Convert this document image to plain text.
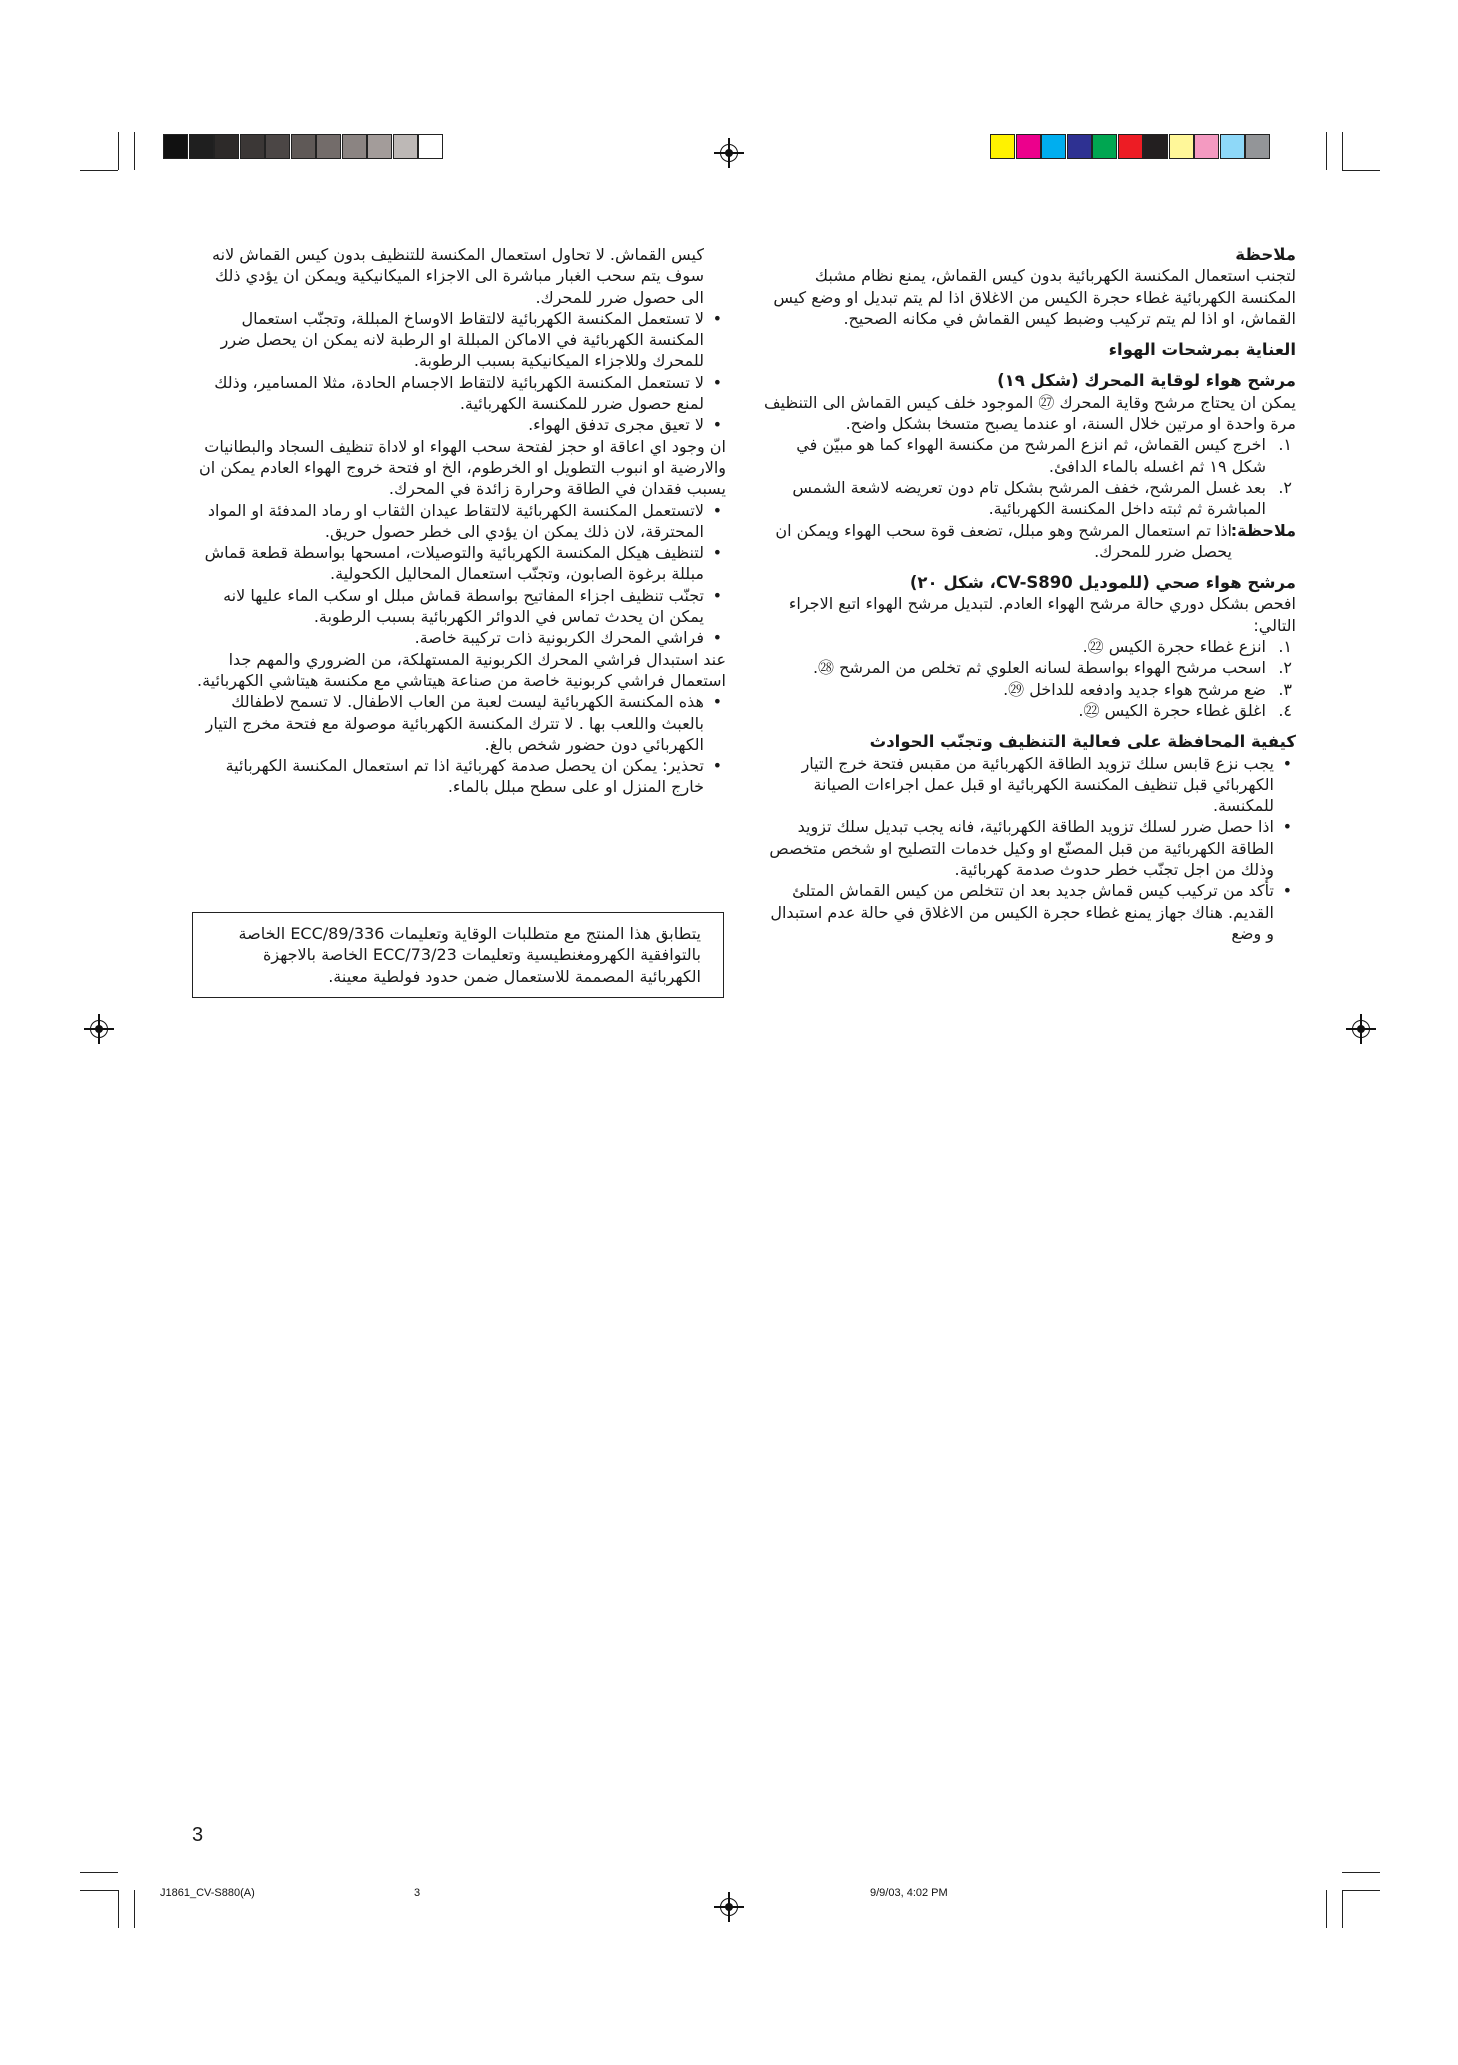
ملاحظة

لتجنب استعمال المكنسة الكهربائية بدون كيس القماش، يمنع نظام مشبك المكنسة الكهربائية غطاء حجرة الكيس من الاغلاق اذا لم يتم تبديل او وضع كيس القماش، او اذا لم يتم تركيب وضبط كيس القماش في مكانه الصحيح.

العناية بمرشحات الهواء

مرشح هواء لوقاية المحرك (شكل ١٩)

يمكن ان يحتاج مرشح وقاية المحرك ㉗ الموجود خلف كيس القماش الى التنظيف مرة واحدة او مرتين خلال السنة، او عندما يصبح متسخا بشكل واضح.

١.
اخرج كيس القماش، ثم انزع المرشح من مكنسة الهواء كما هو مبيّن في شكل ١٩ ثم اغسله بالماء الدافئ.

٢.
بعد غسل المرشح، خفف المرشح بشكل تام دون تعريضه لاشعة الشمس المباشرة ثم ثبته داخل المكنسة الكهربائية.

ملاحظة:
اذا تم استعمال المرشح وهو مبلل، تضعف قوة سحب الهواء ويمكن ان يحصل ضرر للمحرك.

مرشح هواء صحي (للموديل CV-S890، شكل ٢٠)

افحص بشكل دوري حالة مرشح الهواء العادم. لتبديل مرشح الهواء اتبع الاجراء التالي:

١.
انزع غطاء حجرة الكيس ㉒.

٢.
اسحب مرشح الهواء بواسطة لسانه العلوي ثم تخلص من المرشح ㉘.

٣.
ضع مرشح هواء جديد وادفعه للداخل ㉙.

٤.
اغلق غطاء حجرة الكيس ㉒.

كيفية المحافظة على فعالية التنظيف وتجنّب الحوادث

• يجب نزع قابس سلك تزويد الطاقة الكهربائية من مقبس فتحة خرج التيار الكهربائي قبل تنظيف المكنسة الكهربائية او قبل عمل اجراءات الصيانة للمكنسة.

• اذا حصل ضرر لسلك تزويد الطاقة الكهربائية، فانه يجب تبديل سلك تزويد الطاقة الكهربائية من قبل المصنّع او وكيل خدمات التصليح او شخص متخصص وذلك من اجل تجنّب خطر حدوث صدمة كهربائية.

• تأكد من تركيب كيس قماش جديد بعد ان تتخلص من كيس القماش المتلئ القديم. هناك جهاز يمنع غطاء حجرة الكيس من الاغلاق في حالة عدم استبدال و وضع

كيس القماش. لا تحاول استعمال المكنسة للتنظيف بدون كيس القماش لانه سوف يتم سحب الغبار مباشرة الى الاجزاء الميكانيكية ويمكن ان يؤدي ذلك الى حصول ضرر للمحرك.

• لا تستعمل المكنسة الكهربائية لالتقاط الاوساخ المبللة، وتجنّب استعمال المكنسة الكهربائية في الاماكن المبللة او الرطبة لانه يمكن ان يحصل ضرر للمحرك وللاجزاء الميكانيكية بسبب الرطوبة.

• لا تستعمل المكنسة الكهربائية لالتقاط الاجسام الحادة، مثلا المسامير، وذلك لمنع حصول ضرر للمكنسة الكهربائية.

• لا تعيق مجرى تدفق الهواء.

ان وجود اي اعاقة او حجز لفتحة سحب الهواء او لاداة تنظيف السجاد والبطانيات والارضية او انبوب التطويل او الخرطوم، الخ او فتحة خروج الهواء العادم يمكن ان يسبب فقدان في الطاقة وحرارة زائدة في المحرك.

• لاتستعمل المكنسة الكهربائية لالتقاط عيدان الثقاب او رماد المدفئة او المواد المحترقة، لان ذلك يمكن ان يؤدي الى خطر حصول حريق.

• لتنظيف هيكل المكنسة الكهربائية والتوصيلات، امسحها بواسطة قطعة قماش مبللة برغوة الصابون، وتجنّب استعمال المحاليل الكحولية.

• تجنّب تنظيف اجزاء المفاتيح بواسطة قماش مبلل او سكب الماء عليها لانه يمكن ان يحدث تماس في الدوائر الكهربائية بسبب الرطوبة.

• فراشي المحرك الكربونية ذات تركيبة خاصة.

عند استبدال فراشي المحرك الكربونية المستهلكة، من الضروري والمهم جدا استعمال فراشي كربونية خاصة من صناعة هيتاشي مع مكنسة هيتاشي الكهربائية.

• هذه المكنسة الكهربائية ليست لعبة من العاب الاطفال. لا تسمح لاطفالك بالعبث واللعب بها . لا تترك المكنسة الكهربائية موصولة مع فتحة مخرج التيار الكهربائي دون حضور شخص بالغ.

• تحذير: يمكن ان يحصل صدمة كهربائية اذا تم استعمال المكنسة الكهربائية خارج المنزل او على سطح مبلل بالماء.

يتطابق هذا المنتج مع متطلبات الوقاية وتعليمات 89/336/ECC الخاصة بالتوافقية الكهرومغنطيسية وتعليمات 73/23/ECC الخاصة بالاجهزة الكهربائية المصممة للاستعمال ضمن حدود فولطية معينة.
3
J1861_CV-S880(A)	3	9/9/03, 4:02 PM
